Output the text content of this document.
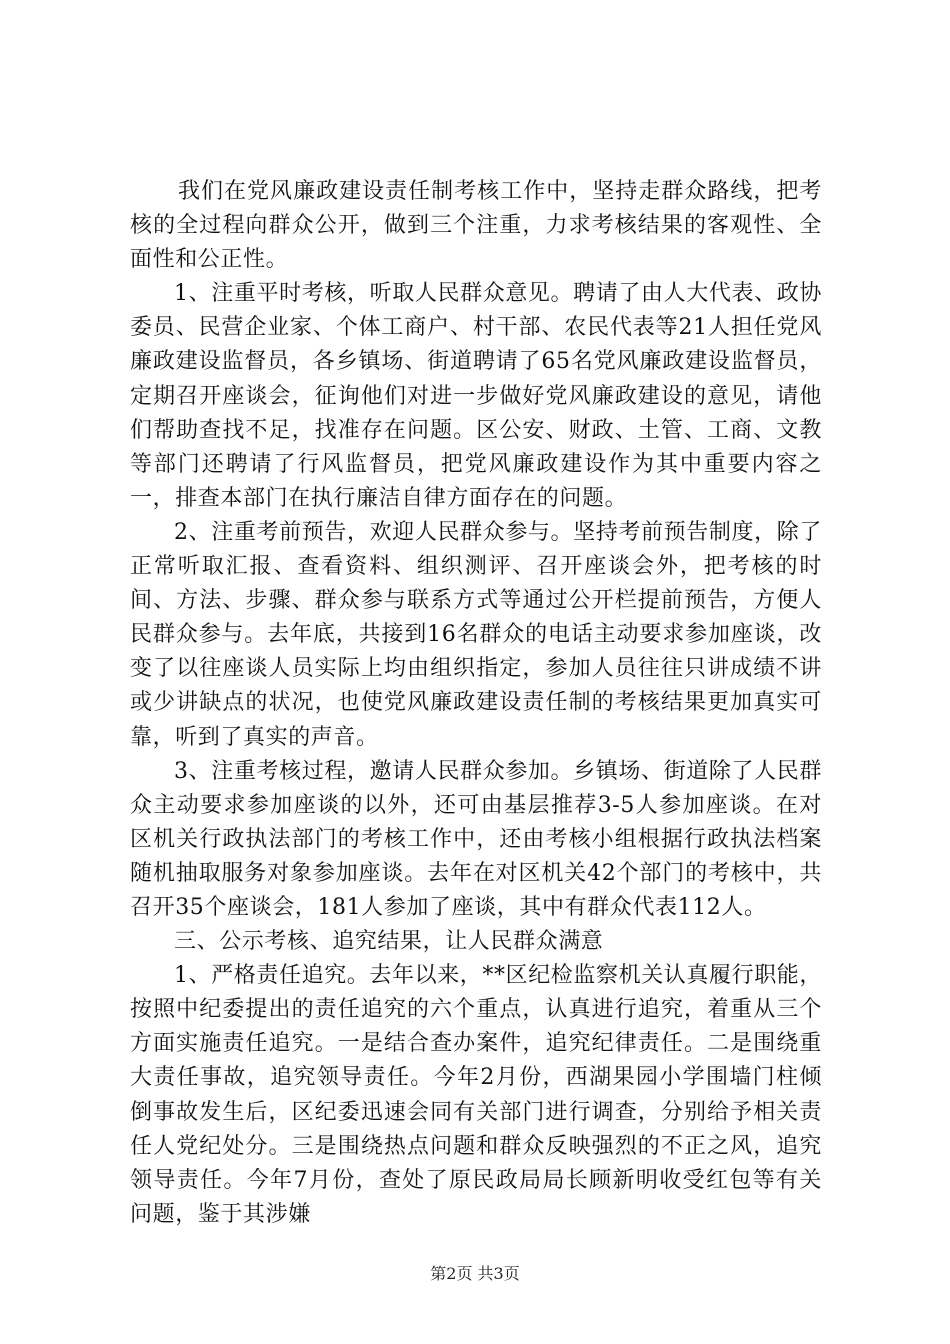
我们在党风廉政建设责任制考核工作中，坚持走群众路线，把考核的全过程向群众公开，做到三个注重，力求考核结果的客观性、全面性和公正性。

1、注重平时考核，听取人民群众意见。聘请了由人大代表、政协委员、民营企业家、个体工商户、村干部、农民代表等21人担任党风廉政建设监督员，各乡镇场、街道聘请了65名党风廉政建设监督员，定期召开座谈会，征询他们对进一步做好党风廉政建设的意见，请他们帮助查找不足，找准存在问题。区公安、财政、土管、工商、文教等部门还聘请了行风监督员，把党风廉政建设作为其中重要内容之一，排查本部门在执行廉洁自律方面存在的问题。

2、注重考前预告，欢迎人民群众参与。坚持考前预告制度，除了正常听取汇报、查看资料、组织测评、召开座谈会外，把考核的时间、方法、步骤、群众参与联系方式等通过公开栏提前预告，方便人民群众参与。去年底，共接到16名群众的电话主动要求参加座谈，改变了以往座谈人员实际上均由组织指定，参加人员往往只讲成绩不讲或少讲缺点的状况，也使党风廉政建设责任制的考核结果更加真实可靠，听到了真实的声音。

3、注重考核过程，邀请人民群众参加。乡镇场、街道除了人民群众主动要求参加座谈的以外，还可由基层推荐3-5人参加座谈。在对区机关行政执法部门的考核工作中，还由考核小组根据行政执法档案随机抽取服务对象参加座谈。去年在对区机关42个部门的考核中，共召开35个座谈会，181人参加了座谈，其中有群众代表112人。

三、公示考核、追究结果，让人民群众满意

1、严格责任追究。去年以来，**区纪检监察机关认真履行职能，按照中纪委提出的责任追究的六个重点，认真进行追究，着重从三个方面实施责任追究。一是结合查办案件，追究纪律责任。二是围绕重大责任事故，追究领导责任。今年2月份，西湖果园小学围墙门柱倾倒事故发生后，区纪委迅速会同有关部门进行调查，分别给予相关责任人党纪处分。三是围绕热点问题和群众反映强烈的不正之风，追究领导责任。今年7月份，查处了原民政局局长顾新明收受红包等有关问题，鉴于其涉嫌

第2页 共3页
